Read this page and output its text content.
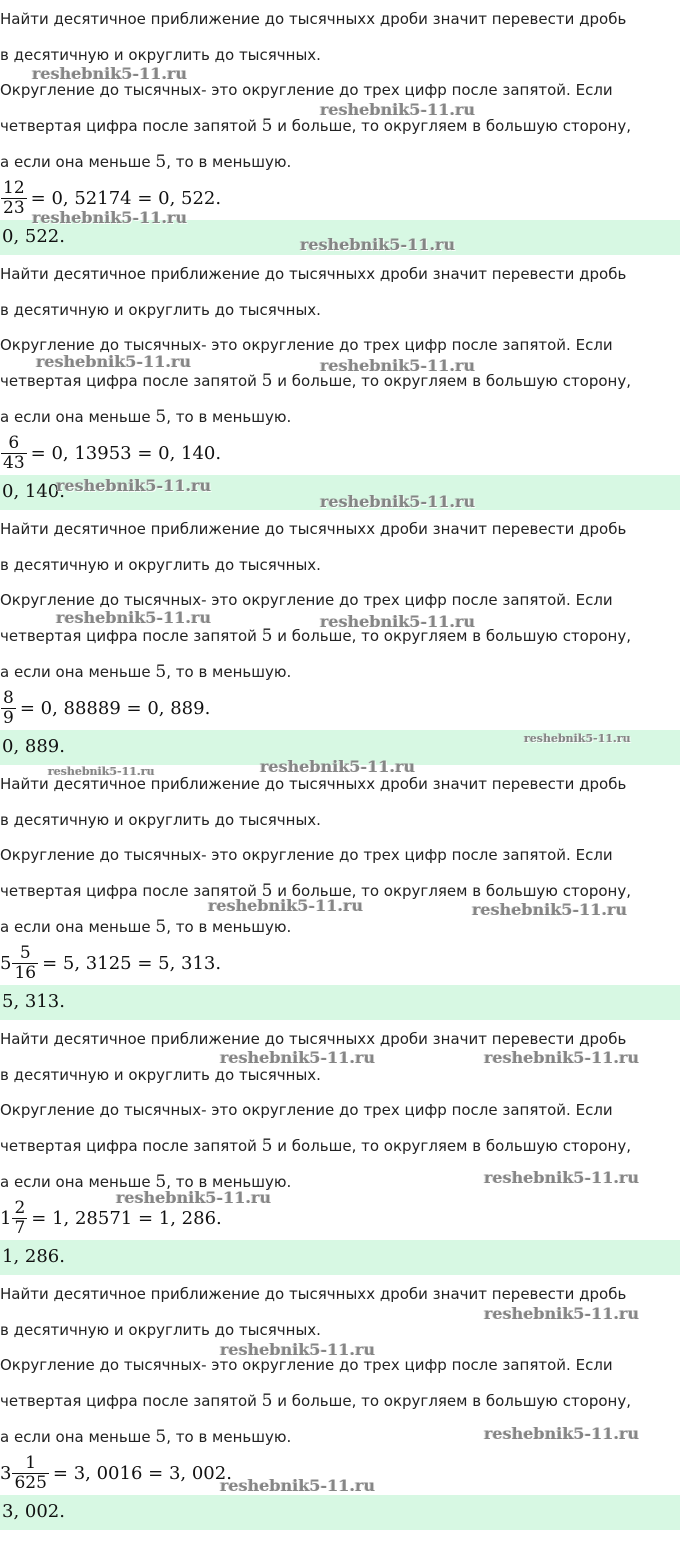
Найти десятичное приближение до тысячныхх дроби значит перевести дробь
в десятичную и округлить до тысячных.
Округление до тысячных- это округление до трех цифр после запятой. Если
четвертая цифра после запятой 5 и больше, то округляем в большую сторону,
а если она меньше 5, то в меньшую.
$\frac{12}{23} = 0$, 52174 = 0, 522.
0, 522.
Найти десятичное приближение до тысячныхх дроби значит перевести дробь
в десятичную и округлить до тысячных.
Округление до тысячных- это округление до трех цифр после запятой. Если
четвертая цифра после запятой 5 и больше, то округляем в большую сторону,
а если она меньше 5, то в меньшую.
$\frac{6}{43} = 0$, 13953 = 0, 140.
0, 140.
Найти десятичное приближение до тысячныхх дроби значит перевести дробь
в десятичную и округлить до тысячных.
Округление до тысячных- это округление до трех цифр после запятой. Если
четвертая цифра после запятой 5 и больше, то округляем в большую сторону,
а если она меньше 5, то в меньшую.
$\frac{8}{9} = 0$, 88889 = 0, 889.
0, 889.
Найти десятичное приближение до тысячныхх дроби значит перевести дробь
в десятичную и округлить до тысячных.
Округление до тысячных- это округление до трех цифр после запятой. Если
четвертая цифра после запятой 5 и больше, то округляем в большую сторону,
а если она меньше 5, то в меньшую.
$5 \frac{5}{16} = 5$, 3125 = 5, 313.
5, 313.
Найти десятичное приближение до тысячныхх дроби значит перевести дробь
в десятичную и округлить до тысячных.
Округление до тысячных- это округление до трех цифр после запятой. Если
четвертая цифра после запятой 5 и больше, то округляем в большую сторону,
а если она меньше 5, то в меньшую.
$1 \frac{2}{7} = 1$, 28571 = 1, 286.
1, 286.
Найти десятичное приближение до тысячныхх дроби значит перевести дробь
в десятичную и округлить до тысячных.
Округление до тысячных- это округление до трех цифр после запятой. Если
четвертая цифра после запятой 5 и больше, то округляем в большую сторону,
а если она меньше 5, то в меньшую.
$3 \frac{1}{625} = 3$, 0016 = 3, 002.
3, 002.
reshebnik5-11.ru
reshebnik5-11.ru
reshebnik5-11.ru
reshebnik5-11.ru
reshebnik5-11.ru	reshebnik5-11.ru
reshebnik5-11.ru
reshebnik5-11.ru
reshebnik5-11.ru	reshebnik5-11.ru
reshebnik5-11.ru
reshebnik5-11.ru	reshebnik5-11.ru
reshebnik5-11.ru	reshebnik5-11.ru
reshebnik5-11.ru	reshebnik5-11.ru
reshebnik5-11.ru
reshebnik5-11.ru
reshebnik5-11.ru
reshebnik5-11.ru
reshebnik5-11.ru
reshebnik5-11.ru
